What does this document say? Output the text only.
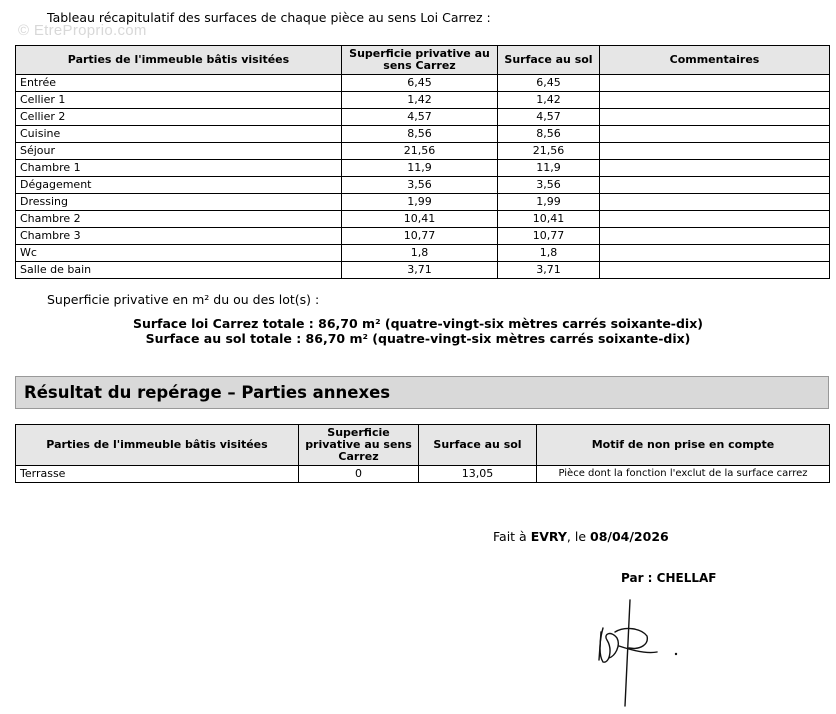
© EtreProprio.com
Tableau récapitulatif des surfaces de chaque pièce au sens Loi Carrez :
Parties de l'immeuble bâtis visitées	Superficie privative au sens Carrez	Surface au sol	Commentaires
Entrée	6,45	6,45	
Cellier 1	1,42	1,42	
Cellier 2	4,57	4,57	
Cuisine	8,56	8,56	
Séjour	21,56	21,56	
Chambre 1	11,9	11,9	
Dégagement	3,56	3,56	
Dressing	1,99	1,99	
Chambre 2	10,41	10,41	
Chambre 3	10,77	10,77	
Wc	1,8	1,8	
Salle de bain	3,71	3,71	
Superficie privative en m² du ou des lot(s) :
Surface loi Carrez totale : 86,70 m² (quatre-vingt-six mètres carrés soixante-dix)
Surface au sol totale : 86,70 m² (quatre-vingt-six mètres carrés soixante-dix)
Résultat du repérage – Parties annexes
Parties de l'immeuble bâtis visitées	Superficie privative au sens Carrez	Surface au sol	Motif de non prise en compte
Terrasse	0	13,05	Pièce dont la fonction l'exclut de la surface carrez
Fait à EVRY, le 08/04/2026
Par : CHELLAF
